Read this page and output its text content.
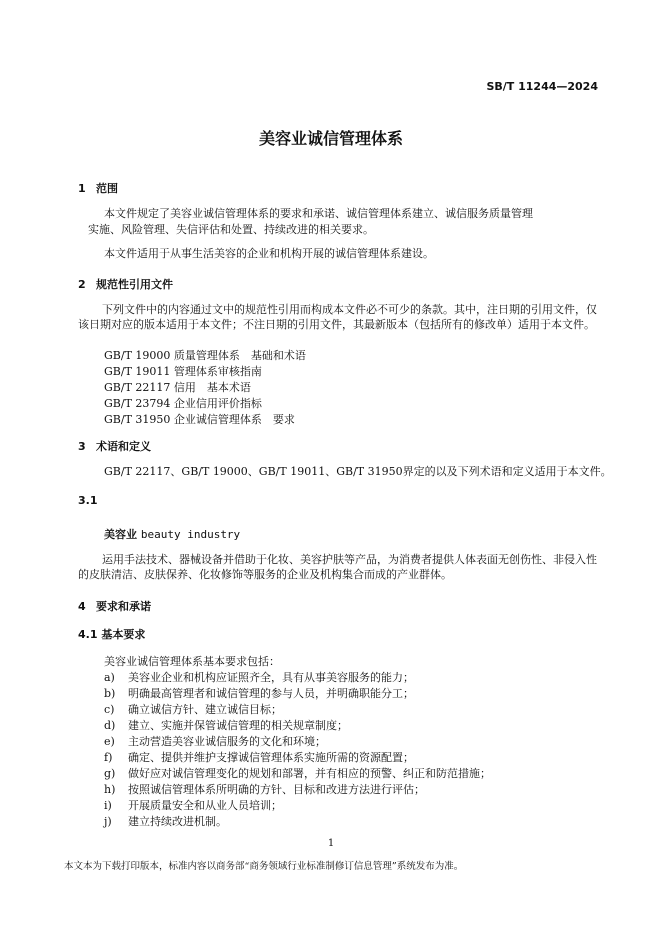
SB/T 11244—2024
美容业诚信管理体系
1 范围
本文件规定了美容业诚信管理体系的要求和承诺、诚信管理体系建立、诚信服务质量管理
实施、风险管理、失信评估和处置、持续改进的相关要求。
本文件适用于从事生活美容的企业和机构开展的诚信管理体系建设。
2 规范性引用文件
下列文件中的内容通过文中的规范性引用而构成本文件必不可少的条款。其中，注日期的引用文件，仅该日期对应的版本适用于本文件；不注日期的引用文件，其最新版本（包括所有的修改单）适用于本文件。
GB/T 19000 质量管理体系　基础和术语
GB/T 19011 管理体系审核指南
GB/T 22117 信用　基本术语
GB/T 23794 企业信用评价指标
GB/T 31950 企业诚信管理体系　要求
3 术语和定义
GB/T 22117、GB/T 19000、GB/T 19011、GB/T 31950界定的以及下列术语和定义适用于本文件。
3.1
美容业 beauty industry
运用手法技术、器械设备并借助于化妆、美容护肤等产品，为消费者提供人体表面无创伤性、非侵入性的皮肤清洁、皮肤保养、化妆修饰等服务的企业及机构集合而成的产业群体。
4 要求和承诺
4.1 基本要求
美容业诚信管理体系基本要求包括：
a) 美容业企业和机构应证照齐全，具有从事美容服务的能力；
b) 明确最高管理者和诚信管理的参与人员，并明确职能分工；
c) 确立诚信方针、建立诚信目标；
d) 建立、实施并保管诚信管理的相关规章制度；
e) 主动营造美容业诚信服务的文化和环境；
f) 确定、提供并维护支撑诚信管理体系实施所需的资源配置；
g) 做好应对诚信管理变化的规划和部署，并有相应的预警、纠正和防范措施；
h) 按照诚信管理体系所明确的方针、目标和改进方法进行评估；
i) 开展质量安全和从业人员培训；
j) 建立持续改进机制。
1
本文本为下载打印版本，标准内容以商务部“商务领域行业标准制修订信息管理”系统发布为准。
